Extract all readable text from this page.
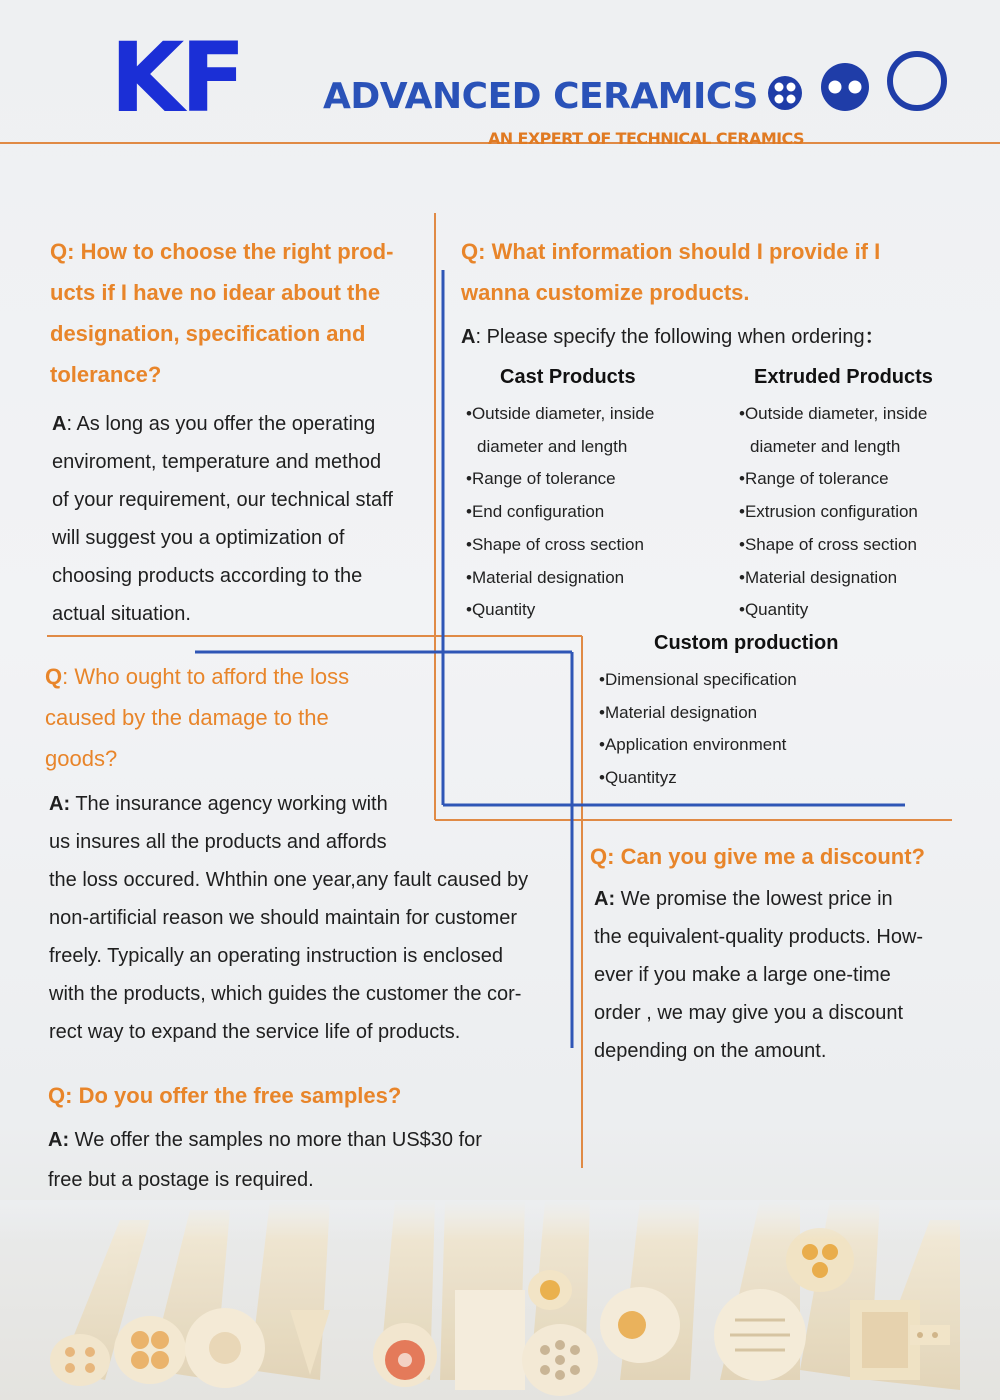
KF ADVANCED CERAMICS
AN EXPERT OF TECHNICAL CERAMICS
Q: How to choose the right prod-
ucts if I have no idear about the
designation, specification and
tolerance?
A: As long as you offer the operating
enviroment, temperature and method
of your requirement, our technical staff
will suggest you a optimization of
choosing products according to the
actual situation.
Q: What information should I provide if I
wanna customize products.
A: Please specify the following when ordering：
Cast Products
•Outside diameter, inside
diameter and length
•Range of tolerance
•End configuration
•Shape of cross section
•Material designation
•Quantity
Extruded Products
•Outside diameter, inside
diameter and length
•Range of tolerance
•Extrusion configuration
•Shape of cross section
•Material designation
•Quantity
Custom production
•Dimensional specification
•Material designation
•Application environment
•Quantityz
Q: Who ought to afford the loss
caused by the damage to the
goods?
A: The insurance agency working with
us insures all the products and affords
the loss occured. Whthin one year,any fault caused by
non-artificial reason we should maintain for customer
freely. Typically an operating instruction is enclosed
with the products, which guides the customer the cor-
rect way to expand the service life of products.
Q: Can you give me a discount?
A: We promise the lowest price in
the equivalent-quality products. How-
ever if you make a large one-time
order , we may give you a discount
depending on the amount.
Q: Do you offer the free samples?
A: We offer the samples no more than US$30 for
free but a postage is required.
